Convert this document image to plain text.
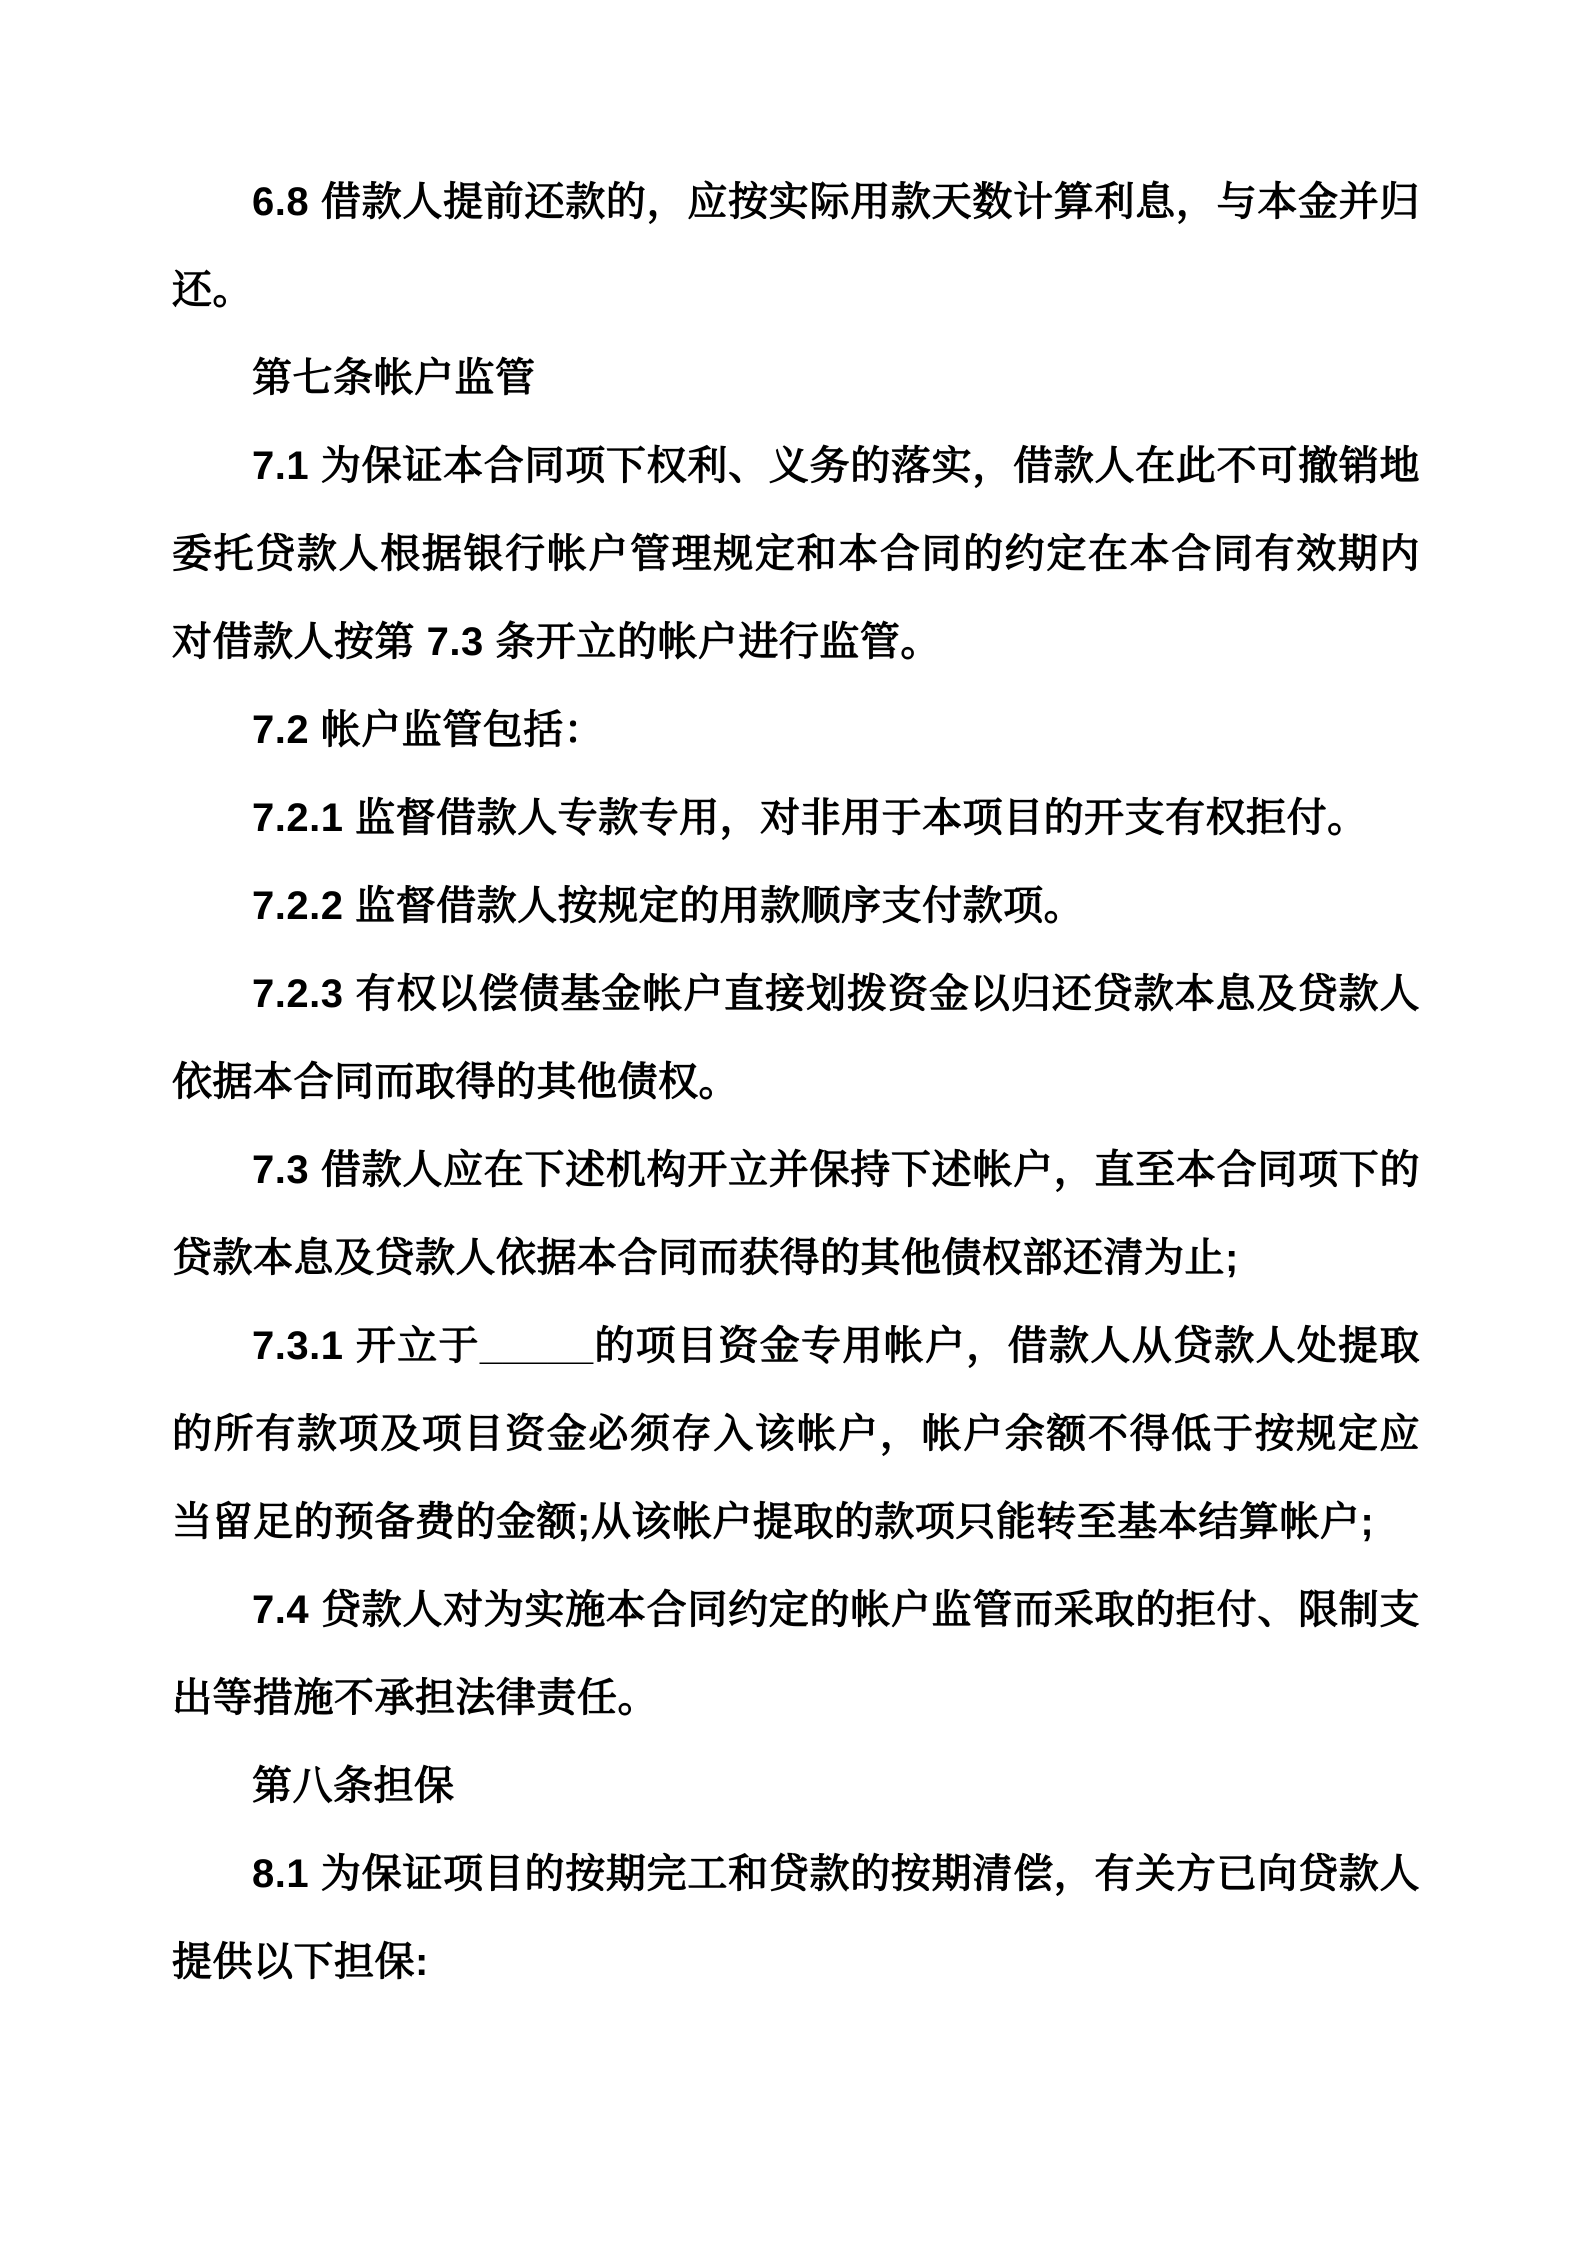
6.8 借款人提前还款的，应按实际用款天数计算利息，与本金并归还。

第七条帐户监管

7.1 为保证本合同项下权利、义务的落实，借款人在此不可撤销地委托贷款人根据银行帐户管理规定和本合同的约定在本合同有效期内对借款人按第 7.3 条开立的帐户进行监管。

7.2 帐户监管包括：

7.2.1 监督借款人专款专用，对非用于本项目的开支有权拒付。

7.2.2 监督借款人按规定的用款顺序支付款项。

7.2.3 有权以偿债基金帐户直接划拨资金以归还贷款本息及贷款人依据本合同而取得的其他债权。

7.3 借款人应在下述机构开立并保持下述帐户，直至本合同项下的贷款本息及贷款人依据本合同而获得的其他债权部还清为止;

7.3.1 开立于_____的项目资金专用帐户，借款人从贷款人处提取的所有款项及项目资金必须存入该帐户，帐户余额不得低于按规定应当留足的预备费的金额;从该帐户提取的款项只能转至基本结算帐户;

7.4 贷款人对为实施本合同约定的帐户监管而采取的拒付、限制支出等措施不承担法律责任。

第八条担保

8.1 为保证项目的按期完工和贷款的按期清偿，有关方已向贷款人提供以下担保:
